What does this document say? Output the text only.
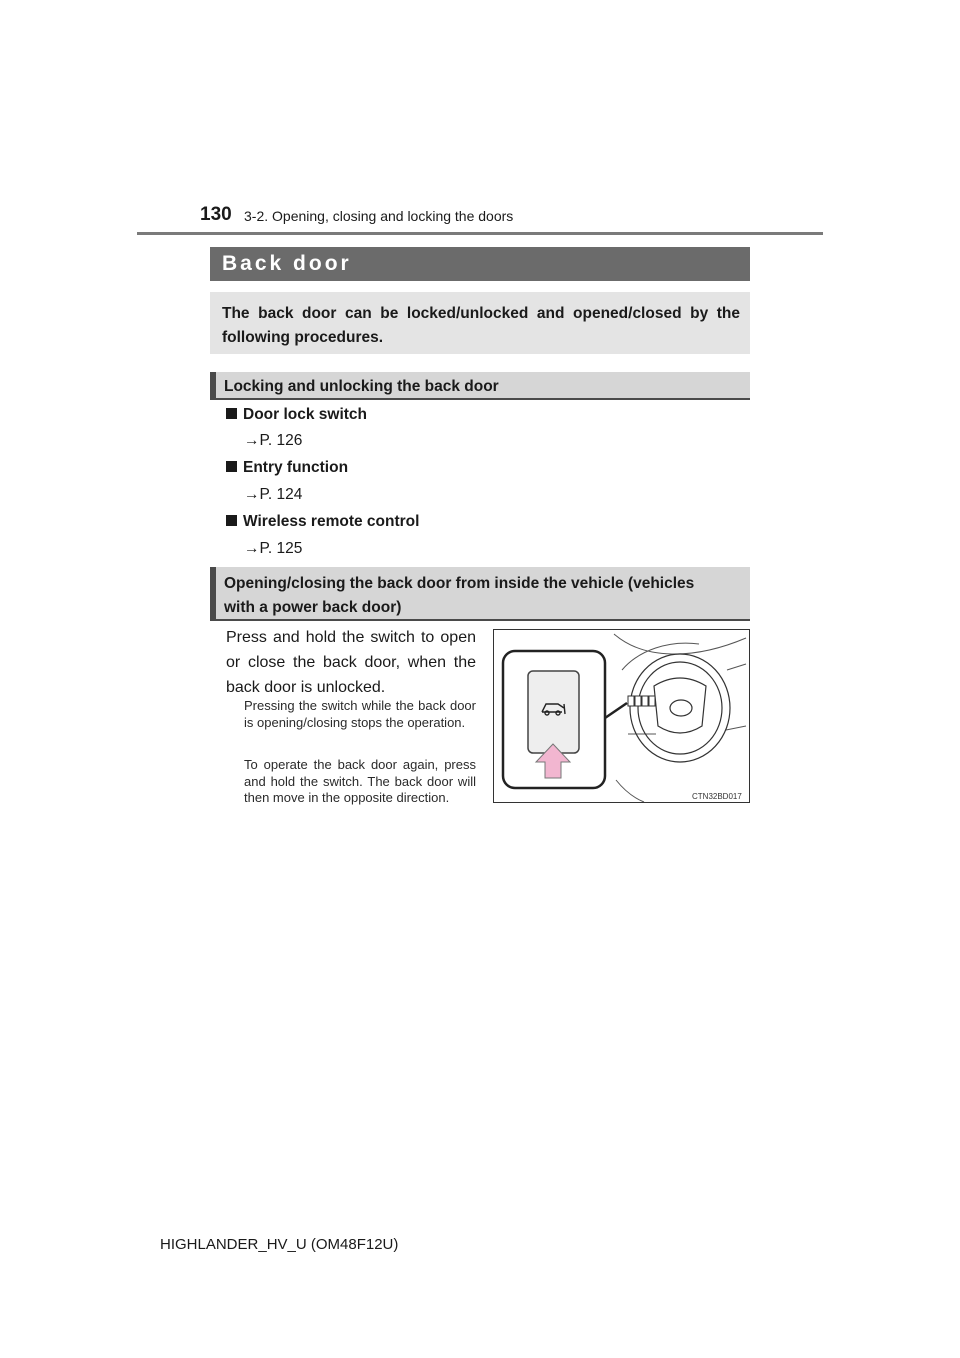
130 3-2. Opening, closing and locking the doors
Back door
The back door can be locked/unlocked and opened/closed by the following procedures.
Locking and unlocking the back door
Door lock switch
→P. 126
Entry function
→P. 124
Wireless remote control
→P. 125
Opening/closing the back door from inside the vehicle (vehicles
with a power back door)
Press and hold the switch to open or close the back door, when the back door is unlocked.
Pressing the switch while the back door is opening/closing stops the operation.
To operate the back door again, press and hold the switch. The back door will then move in the opposite direction.	CTN32BD017
HIGHLANDER_HV_U (OM48F12U)
